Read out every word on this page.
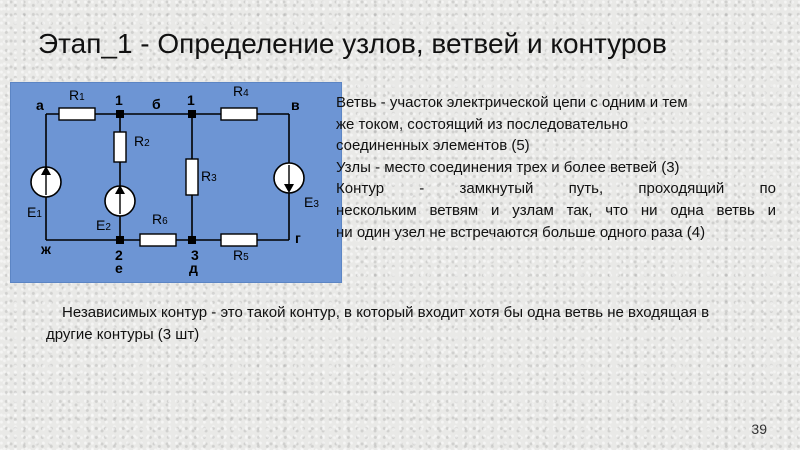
Этап_1 - Определение узлов, ветвей и контуров
а	б	в
г
д
е
ж
1	1
2	3
R1
R2
R3
R4
R5
R6
E1
E2
E3

Ветвь - участок электрической цепи с одним и тем

же током, состоящий из последовательно

соединенных элементов (5)

Узлы - место соединения трех и более ветвей (3)

Контур - замкнутый путь, проходящий по

нескольким ветвям и узлам так, что ни одна ветвь и

ни один узел не встречаются больше одного раза (4)

Независимых контур - это такой контур, в который входит хотя бы одна ветвь не входящая в другие контуры (3 шт)
39
